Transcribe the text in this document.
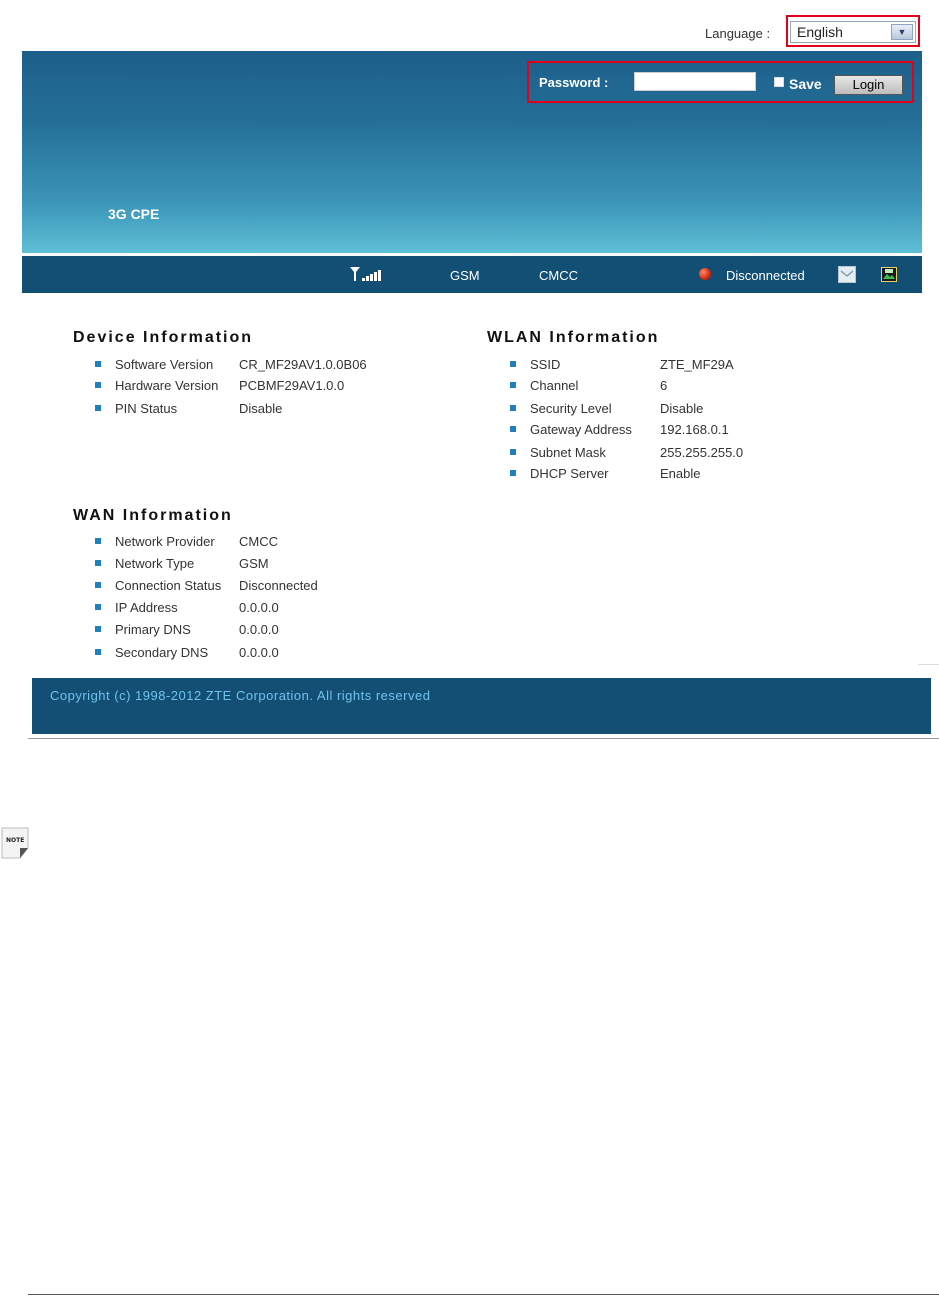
Language : English	▼
3G CPE
Password :	Save	Login
GSM	CMCC	Disconnected
Device Information
Software Version CR_MF29AV1.0.0B06
Hardware Version PCBMF29AV1.0.0
PIN Status	Disable
WLAN Information
SSID	ZTE_MF29A
Channel	6
Security Level	Disable
Gateway Address 192.168.0.1
Subnet Mask	255.255.255.0
DHCP Server	Enable
WAN Information
Network Provider CMCC
Network Type	GSM
Connection Status Disconnected
IP Address	0.0.0.0
Primary DNS	0.0.0.0
Secondary DNS 0.0.0.0
Copyright (c) 1998-2012 ZTE Corporation. All rights reserved
NOTE
